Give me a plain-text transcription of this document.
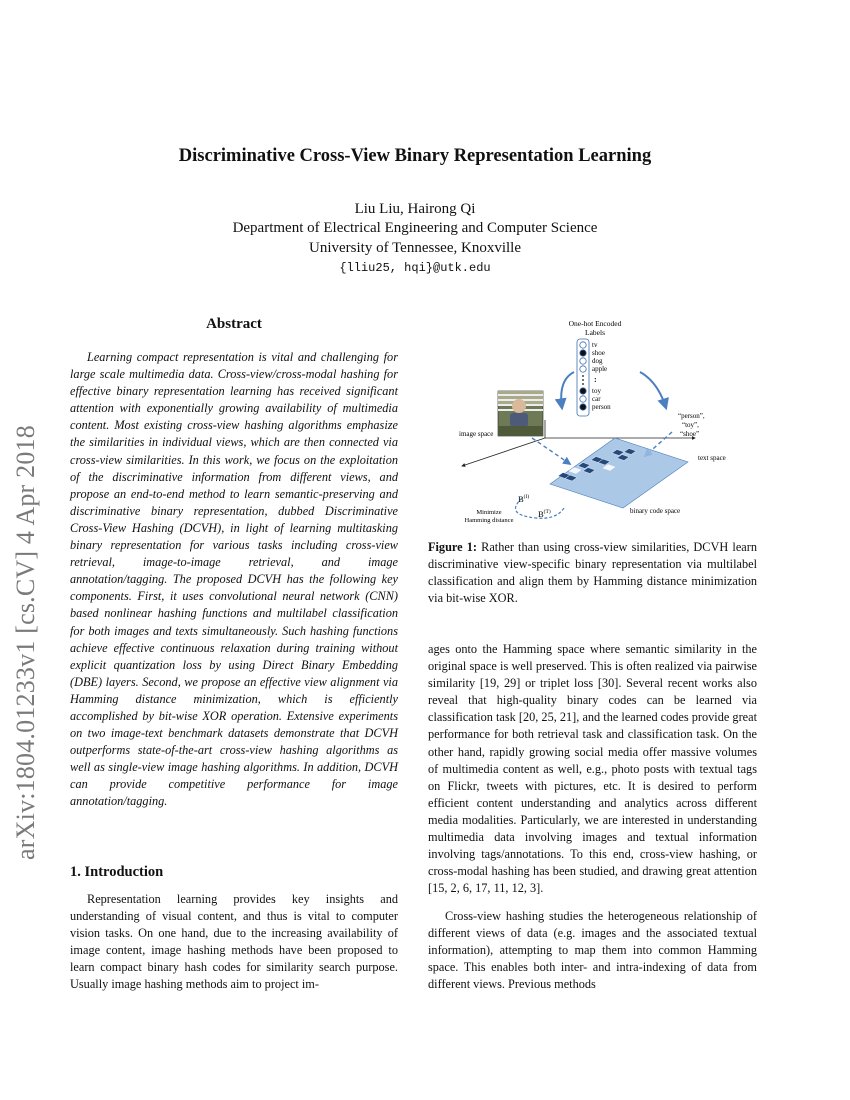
arXiv:1804.01233v1 [cs.CV] 4 Apr 2018
Discriminative Cross-View Binary Representation Learning
Liu Liu, Hairong Qi
Department of Electrical Engineering and Computer Science
University of Tennessee, Knoxville
{lliu25, hqi}@utk.edu
Abstract

Learning compact representation is vital and challenging for large scale multimedia data. Cross-view/cross-modal hashing for effective binary representation learning has received significant attention with exponentially growing availability of multimedia content. Most existing cross-view hashing algorithms emphasize the similarities in individual views, which are then connected via cross-view similarities. In this work, we focus on the exploitation of the discriminative information from different views, and propose an end-to-end method to learn semantic-preserving and discriminative binary representation, dubbed Discriminative Cross-View Hashing (DCVH), in light of learning multitasking binary representation for various tasks including cross-view retrieval, image-to-image retrieval, and image annotation/tagging. The proposed DCVH has the following key components. First, it uses convolutional neural network (CNN) based nonlinear hashing functions and multilabel classification for both images and texts simultaneously. Such hashing functions achieve effective continuous relaxation during training without explicit quantization loss by using Direct Binary Embedding (DBE) layers. Second, we propose an effective view alignment via Hamming distance minimization, which is efficiently accomplished by bit-wise XOR operation. Extensive experiments on two image-text benchmark datasets demonstrate that DCVH outperforms state-of-the-art cross-view hashing algorithms as well as single-view image hashing algorithms. In addition, DCVH can provide competitive performance for image annotation/tagging.

1. Introduction

Representation learning provides key insights and understanding of visual content, and thus is vital to computer vision tasks. On one hand, due to the increasing availability of image content, image hashing methods have been proposed to learn compact binary hash codes for similarity search purpose. Usually image hashing methods aim to project im-

One-hot Encoded
Labels
tv
shoe
dog
apple
:
toy
car
person
image space
text space
“person”,
“toy”,
“shoe”
$B^{(I)}$
$B^{(T)}$
Minimize
Hamming distance
binary code space

Figure 1: Rather than using cross-view similarities, DCVH learn discriminative view-specific binary representation via multilabel classification and align them by Hamming distance minimization via bit-wise XOR.

ages onto the Hamming space where semantic similarity in the original space is well preserved. This is often realized via pairwise similarity [19, 29] or triplet loss [30]. Several recent works also reveal that high-quality binary codes can be learned via classification task [20, 25, 21], and the learned codes provide great performance for both retrieval task and classification task. On the other hand, rapidly growing social media offer massive volumes of multimedia content as well, e.g., photo posts with textual tags on Flickr, tweets with pictures, etc. It is desired to perform efficient content understanding and analytics across different media modalities. Particularly, we are interested in understanding multimedia data involving images and textual information involving tags/annotations. To this end, cross-view hashing, or cross-modal hashing has been studied, and drawing great attention [15, 2, 6, 17, 11, 12, 3].

Cross-view hashing studies the heterogeneous relationship of different views of data (e.g. images and the associated textual information), attempting to map them into common Hamming space. This enables both inter- and intra-indexing of data from different views. Previous methods
